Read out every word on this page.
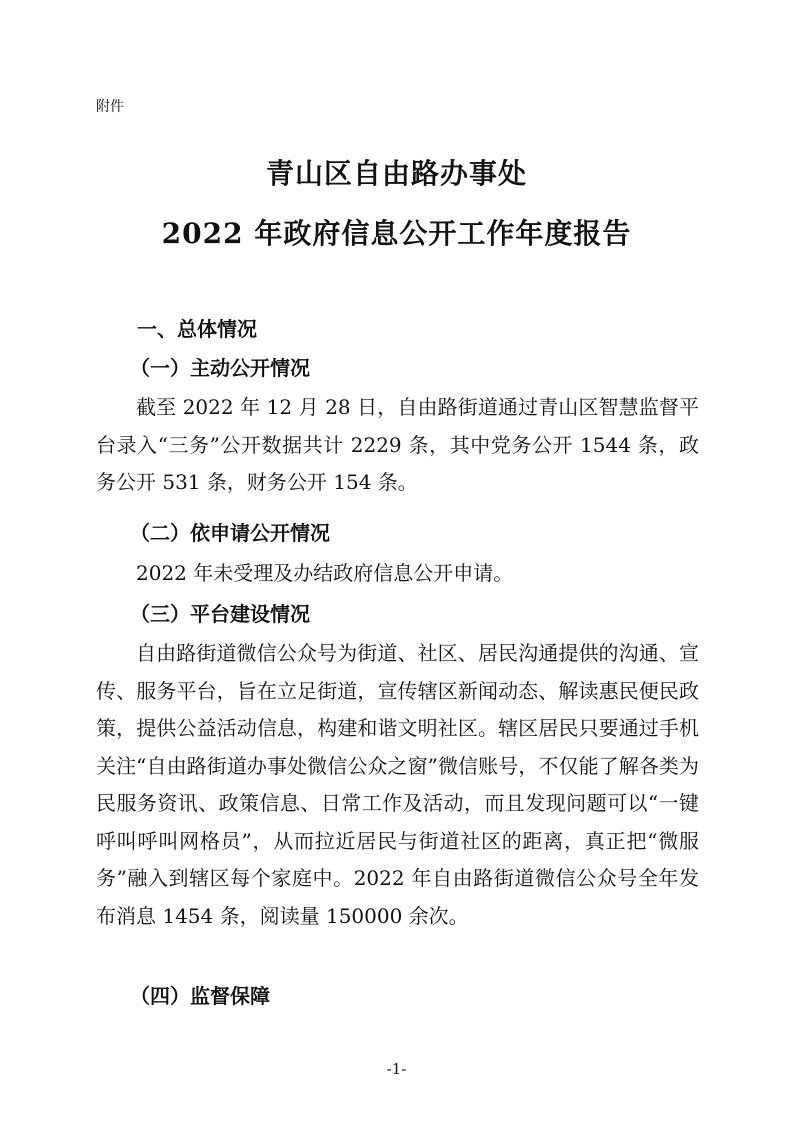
附件
青山区自由路办事处
2022 年政府信息公开工作年度报告
一、总体情况
（一）主动公开情况

截至 2022 年 12 月 28 日，自由路街道通过青山区智慧监督平台录入“三务”公开数据共计 2229 条，其中党务公开 1544 条，政务公开 531 条，财务公开 154 条。

（二）依申请公开情况

2022 年未受理及办结政府信息公开申请。

（三）平台建设情况

自由路街道微信公众号为街道、社区、居民沟通提供的沟通、宣传、服务平台，旨在立足街道，宣传辖区新闻动态、解读惠民便民政策，提供公益活动信息，构建和谐文明社区。辖区居民只要通过手机关注“自由路街道办事处微信公众之窗”微信账号，不仅能了解各类为民服务资讯、政策信息、日常工作及活动，而且发现问题可以“一键呼叫呼叫网格员”，从而拉近居民与街道社区的距离，真正把“微服务”融入到辖区每个家庭中。2022 年自由路街道微信公众号全年发布消息 1454 条，阅读量 150000 余次。

（四）监督保障
-1-
